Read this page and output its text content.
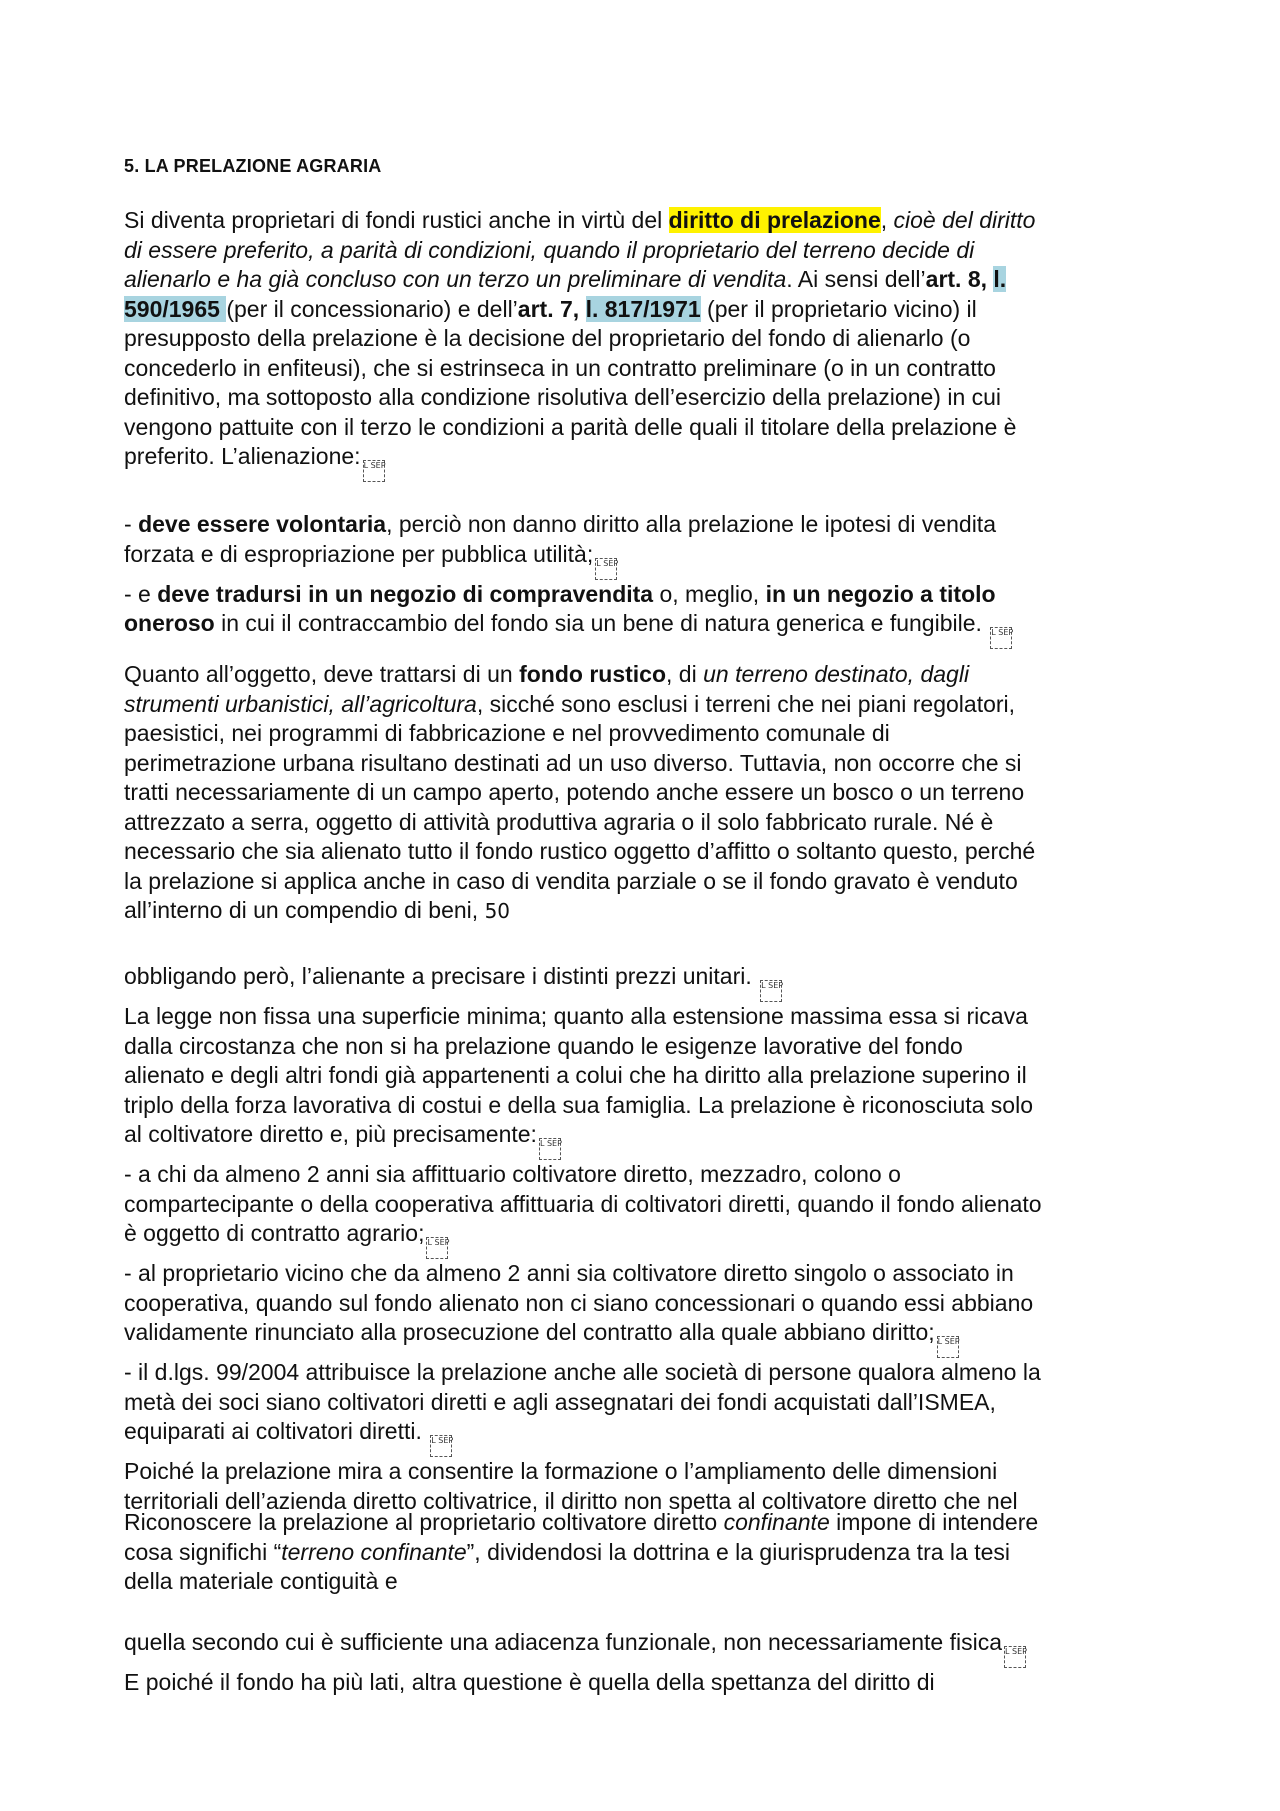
5. LA PRELAZIONE AGRARIA
Si diventa proprietari di fondi rustici anche in virtù del diritto di prelazione, cioè del diritto
di essere preferito, a parità di condizioni, quando il proprietario del terreno decide di
alienarlo e ha già concluso con un terzo un preliminare di vendita. Ai sensi dell’art. 8, l.
590/1965 (per il concessionario) e dell’art. 7, l. 817/1971 (per il proprietario vicino) il
presupposto della prelazione è la decisione del proprietario del fondo di alienarlo (o
concederlo in enfiteusi), che si estrinseca in un contratto preliminare (o in un contratto
definitivo, ma sottoposto alla condizione risolutiva dell’esercizio della prelazione) in cui
vengono pattuite con il terzo le condizioni a parità delle quali il titolare della prelazione è
preferito. L’alienazione: L SEP
- deve essere volontaria, perciò non danno diritto alla prelazione le ipotesi di vendita
forzata e di espropriazione per pubblica utilità; L SEP
- e deve tradursi in un negozio di compravendita o, meglio, in un negozio a titolo
oneroso in cui il contraccambio del fondo sia un bene di natura generica e fungibile. L SEP
Quanto all’oggetto, deve trattarsi di un fondo rustico, di un terreno destinato, dagli
strumenti urbanistici, all’agricoltura, sicché sono esclusi i terreni che nei piani regolatori,
paesistici, nei programmi di fabbricazione e nel provvedimento comunale di
perimetrazione urbana risultano destinati ad un uso diverso. Tuttavia, non occorre che si
tratti necessariamente di un campo aperto, potendo anche essere un bosco o un terreno
attrezzato a serra, oggetto di attività produttiva agraria o il solo fabbricato rurale. Né è
necessario che sia alienato tutto il fondo rustico oggetto d’affitto o soltanto questo, perché
la prelazione si applica anche in caso di vendita parziale o se il fondo gravato è venduto
all’interno di un compendio di beni, 50
obbligando però, l’alienante a precisare i distinti prezzi unitari. L SEP
La legge non fissa una superficie minima; quanto alla estensione massima essa si ricava
dalla circostanza che non si ha prelazione quando le esigenze lavorative del fondo
alienato e degli altri fondi già appartenenti a colui che ha diritto alla prelazione superino il
triplo della forza lavorativa di costui e della sua famiglia. La prelazione è riconosciuta solo
al coltivatore diretto e, più precisamente: L SEP
- a chi da almeno 2 anni sia affittuario coltivatore diretto, mezzadro, colono o
compartecipante o della cooperativa affittuaria di coltivatori diretti, quando il fondo alienato
è oggetto di contratto agrario; L SEP
- al proprietario vicino che da almeno 2 anni sia coltivatore diretto singolo o associato in
cooperativa, quando sul fondo alienato non ci siano concessionari o quando essi abbiano
validamente rinunciato alla prosecuzione del contratto alla quale abbiano diritto; L SEP
- il d.lgs. 99/2004 attribuisce la prelazione anche alle società di persone qualora almeno la
metà dei soci siano coltivatori diretti e agli assegnatari dei fondi acquistati dall’ISMEA,
equiparati ai coltivatori diretti. L SEP
Poiché la prelazione mira a consentire la formazione o l’ampliamento delle dimensioni
territoriali dell’azienda diretto coltivatrice, il diritto non spetta al coltivatore diretto che nel
Riconoscere la prelazione al proprietario coltivatore diretto confinante impone di intendere
cosa significhi “terreno confinante”, dividendosi la dottrina e la giurisprudenza tra la tesi
della materiale contiguità e
quella secondo cui è sufficiente una adiacenza funzionale, non necessariamente fisica L SEP
E poiché il fondo ha più lati, altra questione è quella della spettanza del diritto di
